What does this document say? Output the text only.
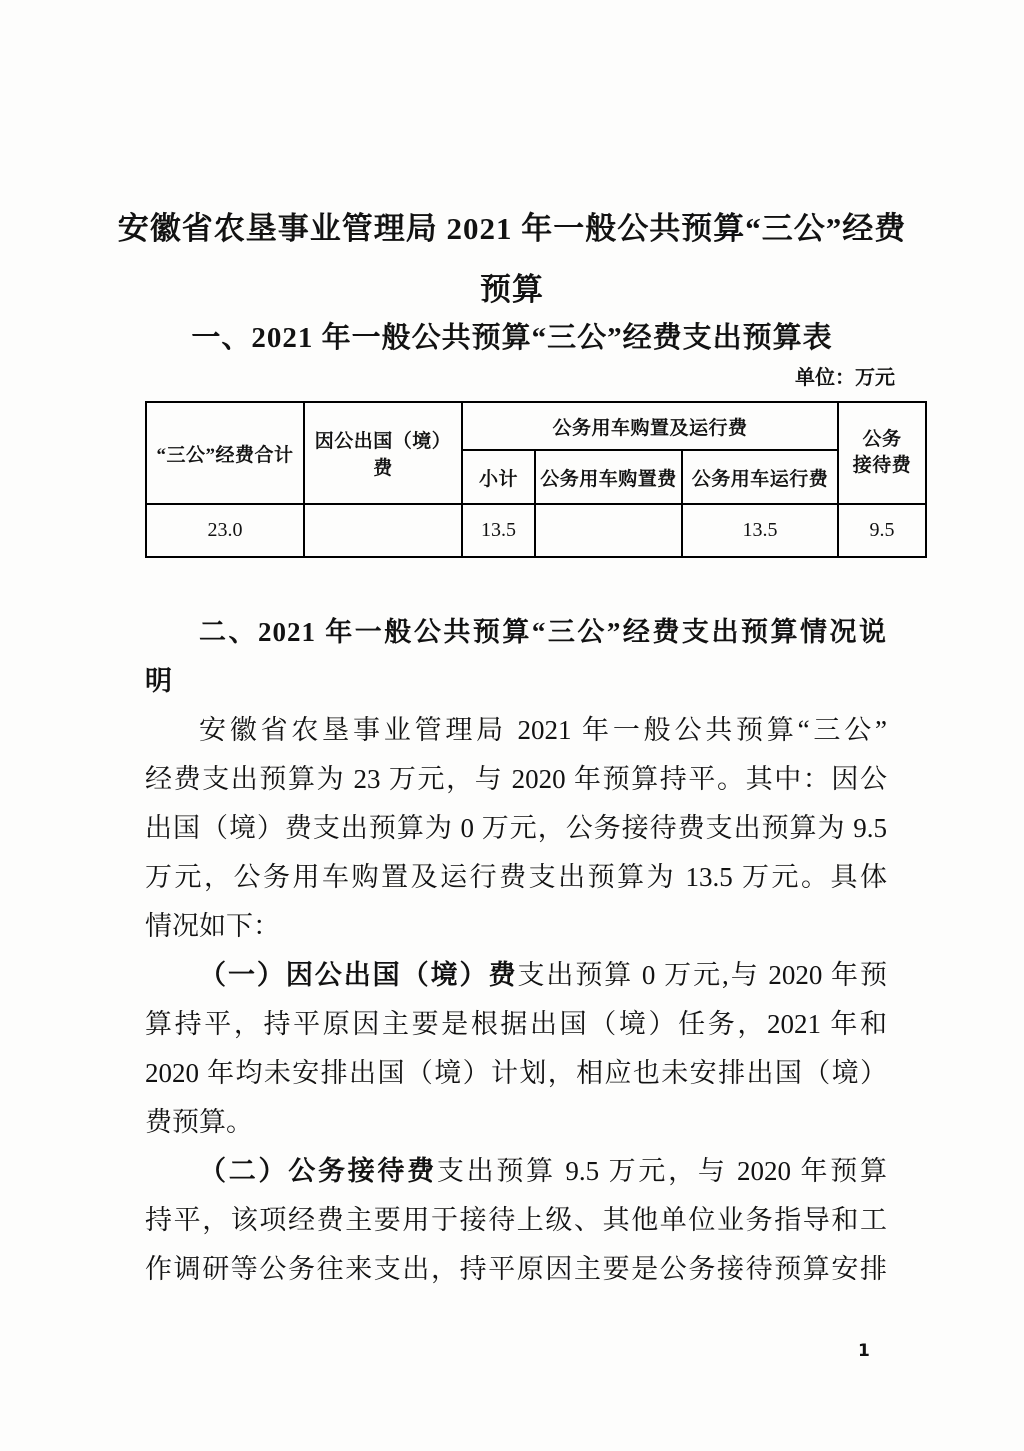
安徽省农垦事业管理局 2021 年一般公共预算“三公”经费
预算
一、2021 年一般公共预算“三公”经费支出预算表
单位：万元
“三公”经费合计	因公出国（境）费	公务用车购置及运行费			公务
接待费

		小计	公务用车购置费	公务用车运行费	
23.0		13.5		13.5	9.5
二、2021 年一般公共预算“三公”经费支出预算情况说
明
安徽省农垦事业管理局 2021 年一般公共预算“三公”
经费支出预算为 23 万元，与 2020 年预算持平。其中：因公
出国（境）费支出预算为 0 万元，公务接待费支出预算为 9.5
万元，公务用车购置及运行费支出预算为 13.5 万元。具体
情况如下：
（一）因公出国（境）费支出预算 0 万元,与 2020 年预
算持平，持平原因主要是根据出国（境）任务，2021 年和
2020 年均未安排出国（境）计划，相应也未安排出国（境）
费预算。
（二）公务接待费支出预算 9.5 万元，与 2020 年预算
持平，该项经费主要用于接待上级、其他单位业务指导和工
作调研等公务往来支出，持平原因主要是公务接待预算安排
1
